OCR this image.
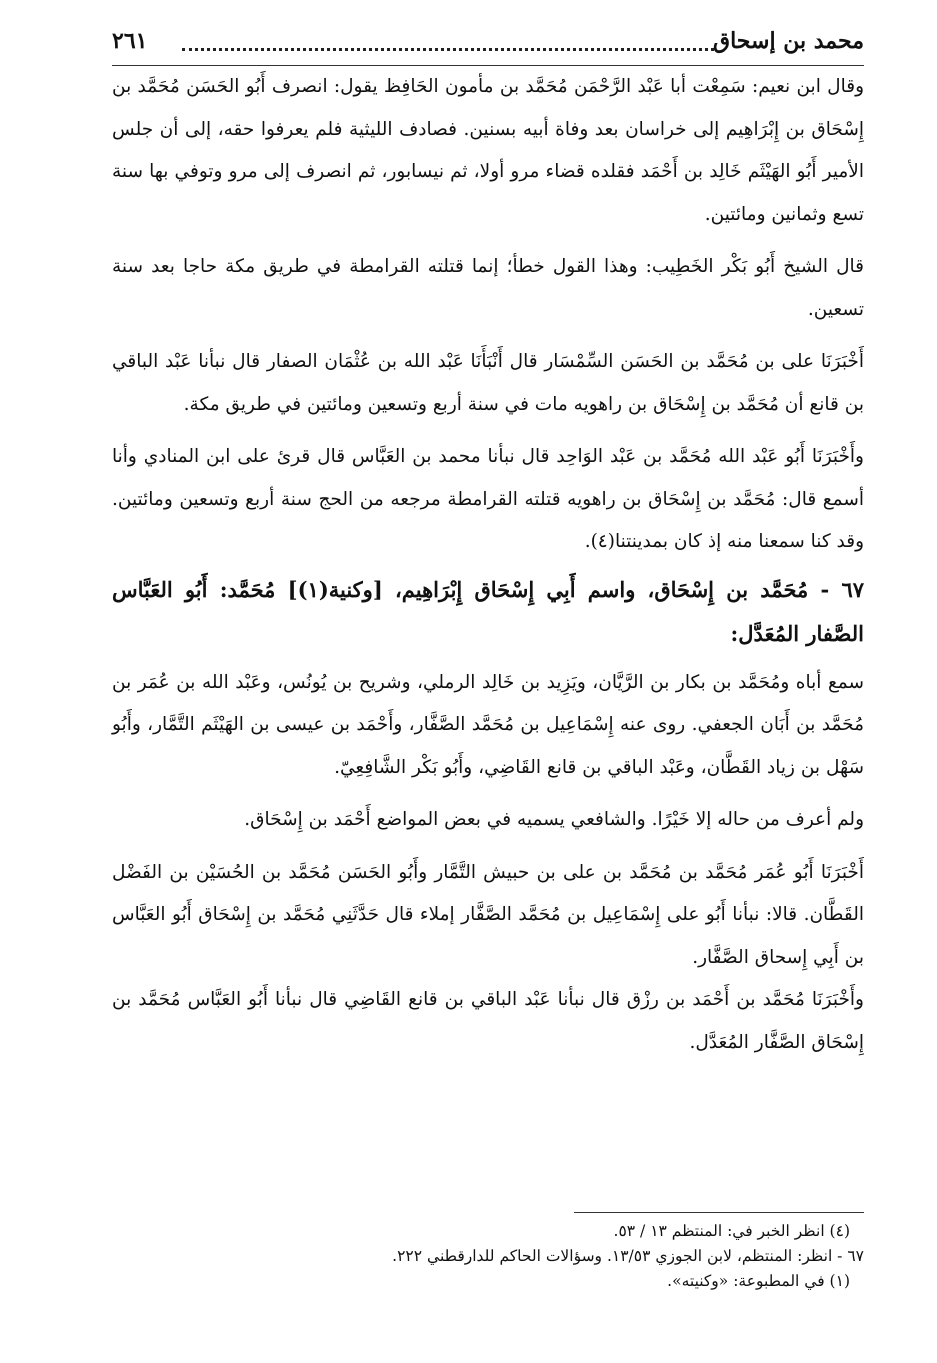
محمد بن إسحاق
٢٦١

وقال ابن نعيم: سَمِعْت أبا عَبْد الرَّحْمَن مُحَمَّد بن مأمون الحَافِظ يقول: انصرف أَبُو الحَسَن مُحَمَّد بن إِسْحَاق بن إِبْرَاهِيم إلى خراسان بعد وفاة أبيه بسنين. فصادف الليثية فلم يعرفوا حقه، إلى أن جلس الأمير أَبُو الهَيْثَم خَالِد بن أَحْمَد فقلده قضاء مرو أولا، ثم نيسابور، ثم انصرف إلى مرو وتوفي بها سنة تسع وثمانين ومائتين.

قال الشيخ أَبُو بَكْر الخَطِيب: وهذا القول خطأ؛ إنما قتلته القرامطة في طريق مكة حاجا بعد سنة تسعين.

أَخْبَرَنَا على بن مُحَمَّد بن الحَسَن السِّمْسَار قال أَنْبَأَنَا عَبْد الله بن عُثْمَان الصفار قال نبأنا عَبْد الباقي بن قانع أن مُحَمَّد بن إِسْحَاق بن راهويه مات في سنة أربع وتسعين ومائتين في طريق مكة.

وأَخْبَرَنَا أَبُو عَبْد الله مُحَمَّد بن عَبْد الوَاحِد قال نبأنا محمد بن العَبَّاس قال قرئ على ابن المنادي وأنا أسمع قال: مُحَمَّد بن إِسْحَاق بن راهويه قتلته القرامطة مرجعه من الحج سنة أربع وتسعين ومائتين. وقد كنا سمعنا منه إذ كان بمدينتنا(٤).

٦٧ - مُحَمَّد بن إِسْحَاق، واسم أَبِي إِسْحَاق إِبْرَاهِيم، [وكنية(١)] مُحَمَّد: أَبُو العَبَّاس الصَّفار المُعَدَّل:

سمع أباه ومُحَمَّد بن بكار بن الرَّيَّان، ويَزِيد بن خَالِد الرملي، وشريح بن يُونُس، وعَبْد الله بن عُمَر بن مُحَمَّد بن أَبَان الجعفي. روى عنه إِسْمَاعِيل بن مُحَمَّد الصَّفَّار، وأَحْمَد بن عيسى بن الهَيْثَم التَّمَّار، وأَبُو سَهْل بن زياد القَطَّان، وعَبْد الباقي بن قانع القَاضِي، وأَبُو بَكْر الشَّافِعِيّ.

ولم أعرف من حاله إلا خَيْرًا. والشافعي يسميه في بعض المواضع أَحْمَد بن إِسْحَاق.

أَخْبَرَنَا أَبُو عُمَر مُحَمَّد بن مُحَمَّد بن على بن حبيش التَّمَّار وأَبُو الحَسَن مُحَمَّد بن الحُسَيْن بن الفَضْل القَطَّان. قالا: نبأنا أَبُو على إِسْمَاعِيل بن مُحَمَّد الصَّفَّار إملاء قال حَدَّثَنِي مُحَمَّد بن إِسْحَاق أَبُو العَبَّاس بن أَبِي إِسحاق الصَّفَّار.

وأَخْبَرَنَا مُحَمَّد بن أَحْمَد بن رزْق قال نبأنا عَبْد الباقي بن قانع القَاضِي قال نبأنا أَبُو العَبَّاس مُحَمَّد بن إِسْحَاق الصَّفَّار المُعَدَّل.

(٤) انظر الخبر في: المنتظم ١٣ / ٥٣.

٦٧ - انظر: المنتظم، لابن الجوزي ١٣/٥٣. وسؤالات الحاكم للدارقطني ٢٢٢.

(١) في المطبوعة: «وكنيته».
